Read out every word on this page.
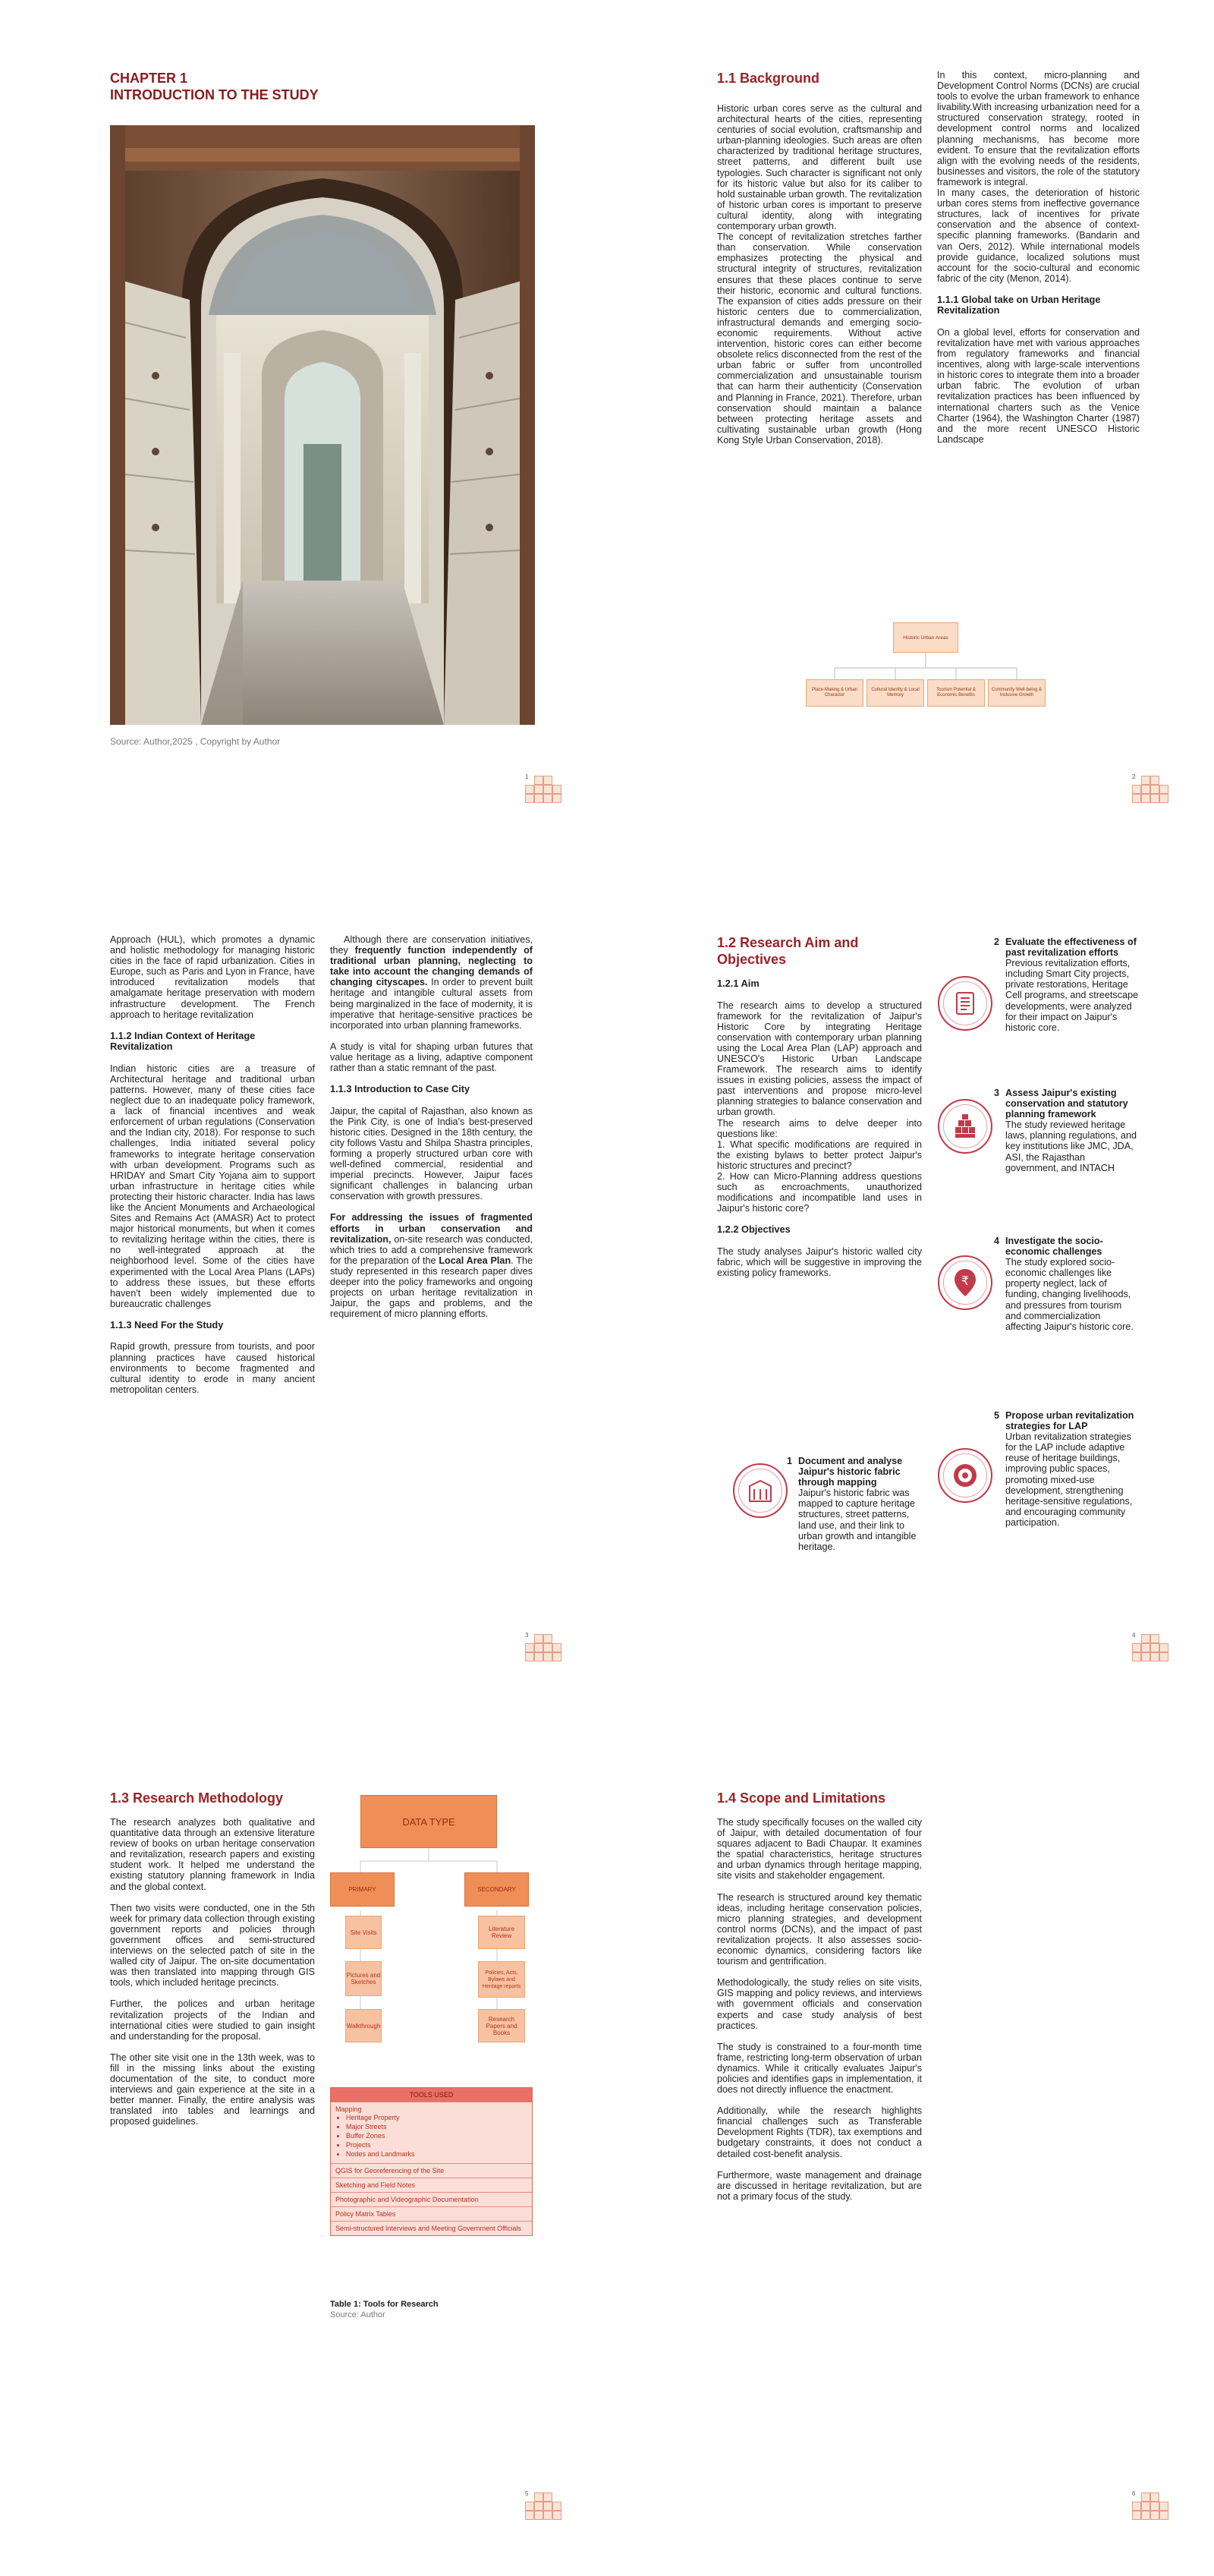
CHAPTER 1
INTRODUCTION TO THE STUDY
Source: Author,2025 , Copyright by Author
1
1.1 Background

Historic urban cores serve as the cultural and architectural hearts of the cities, representing centuries of social evolution, craftsmanship and urban-planning ideologies. Such areas are often characterized by traditional heritage structures, street patterns, and different built use typologies. Such character is significant not only for its historic value but also for its caliber to hold sustainable urban growth. The revitalization of historic urban cores is important to preserve cultural identity, along with integrating contemporary urban growth.

The concept of revitalization stretches farther than conservation. While conservation emphasizes protecting the physical and structural integrity of structures, revitalization ensures that these places continue to serve their historic, economic and cultural functions. The expansion of cities adds pressure on their historic centers due to commercialization, infrastructural demands and emerging socio-economic requirements. Without active intervention, historic cores can either become obsolete relics disconnected from the rest of the urban fabric or suffer from uncontrolled commercialization and unsustainable tourism that can harm their authenticity (Conservation and Planning in France, 2021). Therefore, urban conservation should maintain a balance between protecting heritage assets and cultivating sustainable urban growth (Hong Kong Style Urban Conservation, 2018).

In this context, micro-planning and Development Control Norms (DCNs) are crucial tools to evolve the urban framework to enhance livability.With increasing urbanization need for a structured conservation strategy, rooted in development control norms and localized planning mechanisms, has become more evident. To ensure that the revitalization efforts align with the evolving needs of the residents, businesses and visitors, the role of the statutory framework is integral.

In many cases, the deterioration of historic urban cores stems from ineffective governance structures, lack of incentives for private conservation and the absence of context-specific planning frameworks. (Bandarin and van Oers, 2012). While international models provide guidance, localized solutions must account for the socio-cultural and economic fabric of the city (Menon, 2014).

1.1.1 Global take on Urban Heritage Revitalization

On a global level, efforts for conservation and revitalization have met with various approaches from regulatory frameworks and financial incentives, along with large-scale interventions in historic cores to integrate them into a broader urban fabric. The evolution of urban revitalization practices has been influenced by international charters such as the Venice Charter (1964), the Washington Charter (1987) and the more recent UNESCO Historic Landscape

Historic Urban Areas
Place-Making & Urban Character
Cultural Identity & Local Memory
Tourism Potential & Economic Benefits
Community Well-being & Inclusive Growth
2

Approach (HUL), which promotes a dynamic and holistic methodology for managing historic cities in the face of rapid urbanization. Cities in Europe, such as Paris and Lyon in France, have introduced revitalization models that amalgamate heritage preservation with modern infrastructure development. The French approach to heritage revitalization

1.1.2 Indian Context of Heritage Revitalization

Indian historic cities are a treasure of Architectural heritage and traditional urban patterns. However, many of these cities face neglect due to an inadequate policy framework, a lack of financial incentives and weak enforcement of urban regulations (Conservation and the Indian city, 2018). For response to such challenges, India initiated several policy frameworks to integrate heritage conservation with urban development. Programs such as HRIDAY and Smart City Yojana aim to support urban infrastructure in heritage cities while protecting their historic character. India has laws like the Ancient Monuments and Archaeological Sites and Remains Act (AMASR) Act to protect major historical monuments, but when it comes to revitalizing heritage within the cities, there is no well-integrated approach at the neighborhood level. Some of the cities have experimented with the Local Area Plans (LAPs) to address these issues, but these efforts haven't been widely implemented due to bureaucratic challenges

1.1.3 Need For the Study

Rapid growth, pressure from tourists, and poor planning practices have caused historical environments to become fragmented and cultural identity to erode in many ancient metropolitan centers.

Although there are conservation initiatives, they frequently function independently of traditional urban planning, neglecting to take into account the changing demands of changing cityscapes. In order to prevent built heritage and intangible cultural assets from being marginalized in the face of modernity, it is imperative that heritage-sensitive practices be incorporated into urban planning frameworks.

A study is vital for shaping urban futures that value heritage as a living, adaptive component rather than a static remnant of the past.

1.1.3 Introduction to Case City

Jaipur, the capital of Rajasthan, also known as the Pink City, is one of India's best-preserved historic cities. Designed in the 18th century, the city follows Vastu and Shilpa Shastra principles, forming a properly structured urban core with well-defined commercial, residential and imperial precincts. However, Jaipur faces significant challenges in balancing urban conservation with growth pressures.

For addressing the issues of fragmented efforts in urban conservation and revitalization, on-site research was conducted, which tries to add a comprehensive framework for the preparation of the Local Area Plan. The study represented in this research paper dives deeper into the policy frameworks and ongoing projects on urban heritage revitalization in Jaipur, the gaps and problems, and the requirement of micro planning efforts.

3
1.2 Research Aim and Objectives
1.2.1 Aim

The research aims to develop a structured framework for the revitalization of Jaipur's Historic Core by integrating Heritage conservation with contemporary urban planning using the Local Area Plan (LAP) approach and UNESCO's Historic Urban Landscape Framework. The research aims to identify issues in existing policies, assess the impact of past interventions and propose micro-level planning strategies to balance conservation and urban growth.

The research aims to delve deeper into questions like:

1. What specific modifications are required in the existing bylaws to better protect Jaipur's historic structures and precinct?

2. How can Micro-Planning address questions such as encroachments, unauthorized modifications and incompatible land uses in Jaipur's historic core?

1.2.2 Objectives

The study analyses Jaipur's historic walled city fabric, which will be suggestive in improving the existing policy frameworks.

1 Document and analyse Jaipur's historic fabric through mapping
Jaipur's historic fabric was mapped to capture heritage structures, street patterns, land use, and their link to urban growth and intangible heritage.
2 Evaluate the effectiveness of past revitalization efforts
Previous revitalization efforts, including Smart City projects, private restorations, Heritage Cell programs, and streetscape developments, were analyzed for their impact on Jaipur's historic core.
3 Assess Jaipur's existing conservation and statutory planning framework
The study reviewed heritage laws, planning regulations, and key institutions like JMC, JDA, ASI, the Rajasthan government, and INTACH
₹
4 Investigate the socio-economic challenges
The study explored socio-economic challenges like property neglect, lack of funding, changing livelihoods, and pressures from tourism and commercialization affecting Jaipur's historic core.
5 Propose urban revitalization strategies for LAP
Urban revitalization strategies for the LAP include adaptive reuse of heritage buildings, improving public spaces, promoting mixed-use development, strengthening heritage-sensitive regulations, and encouraging community participation.
4
1.3 Research Methodology

The research analyzes both qualitative and quantitative data through an extensive literature review of books on urban heritage conservation and revitalization, research papers and existing student work. It helped me understand the existing statutory planning framework in India and the global context.

Then two visits were conducted, one in the 5th week for primary data collection through existing government reports and policies through government offices and semi-structured interviews on the selected patch of site in the walled city of Jaipur. The on-site documentation was then translated into mapping through GIS tools, which included heritage precincts.

Further, the polices and urban heritage revitalization projects of the Indian and international cities were studied to gain insight and understanding for the proposal.

The other site visit one in the 13th week, was to fill in the missing links about the existing documentation of the site, to conduct more interviews and gain experience at the site in a better manner. Finally, the entire analysis was translated into tables and learnings and proposed guidelines.

DATA TYPE
PRIMARY	SECONDARY
Site Visits
Pictures and Sketches
Walkthrough
Literature Review
Policies, Acts, Bylaws and Heritage reports
Research Papers and Books
TOOLS USED
Mapping
• Heritage Property
• Major Streets
• Buffer Zones
• Projects
• Nodes and Landmarks
QGIS for Georeferencing of the Site
Sketching and Field Notes
Photographic and Videographic Documentation
Policy Matrix Tables
Semi-structured Interviews and Meeting Government Officials
Table 1: Tools for Research
Source: Author
5
1.4 Scope and Limitations

The study specifically focuses on the walled city of Jaipur, with detailed documentation of four squares adjacent to Badi Chaupar. It examines the spatial characteristics, heritage structures and urban dynamics through heritage mapping, site visits and stakeholder engagement.

The research is structured around key thematic ideas, including heritage conservation policies, micro planning strategies, and development control norms (DCNs), and the impact of past revitalization projects. It also assesses socio-economic dynamics, considering factors like tourism and gentrification.

Methodologically, the study relies on site visits, GIS mapping and policy reviews, and interviews with government officials and conservation experts and case study analysis of best practices.

The study is constrained to a four-month time frame, restricting long-term observation of urban dynamics. While it critically evaluates Jaipur's policies and identifies gaps in implementation, it does not directly influence the enactment.

Additionally, while the research highlights financial challenges such as Transferable Development Rights (TDR), tax exemptions and budgetary constraints, it does not conduct a detailed cost-benefit analysis.

Furthermore, waste management and drainage are discussed in heritage revitalization, but are not a primary focus of the study.

6
